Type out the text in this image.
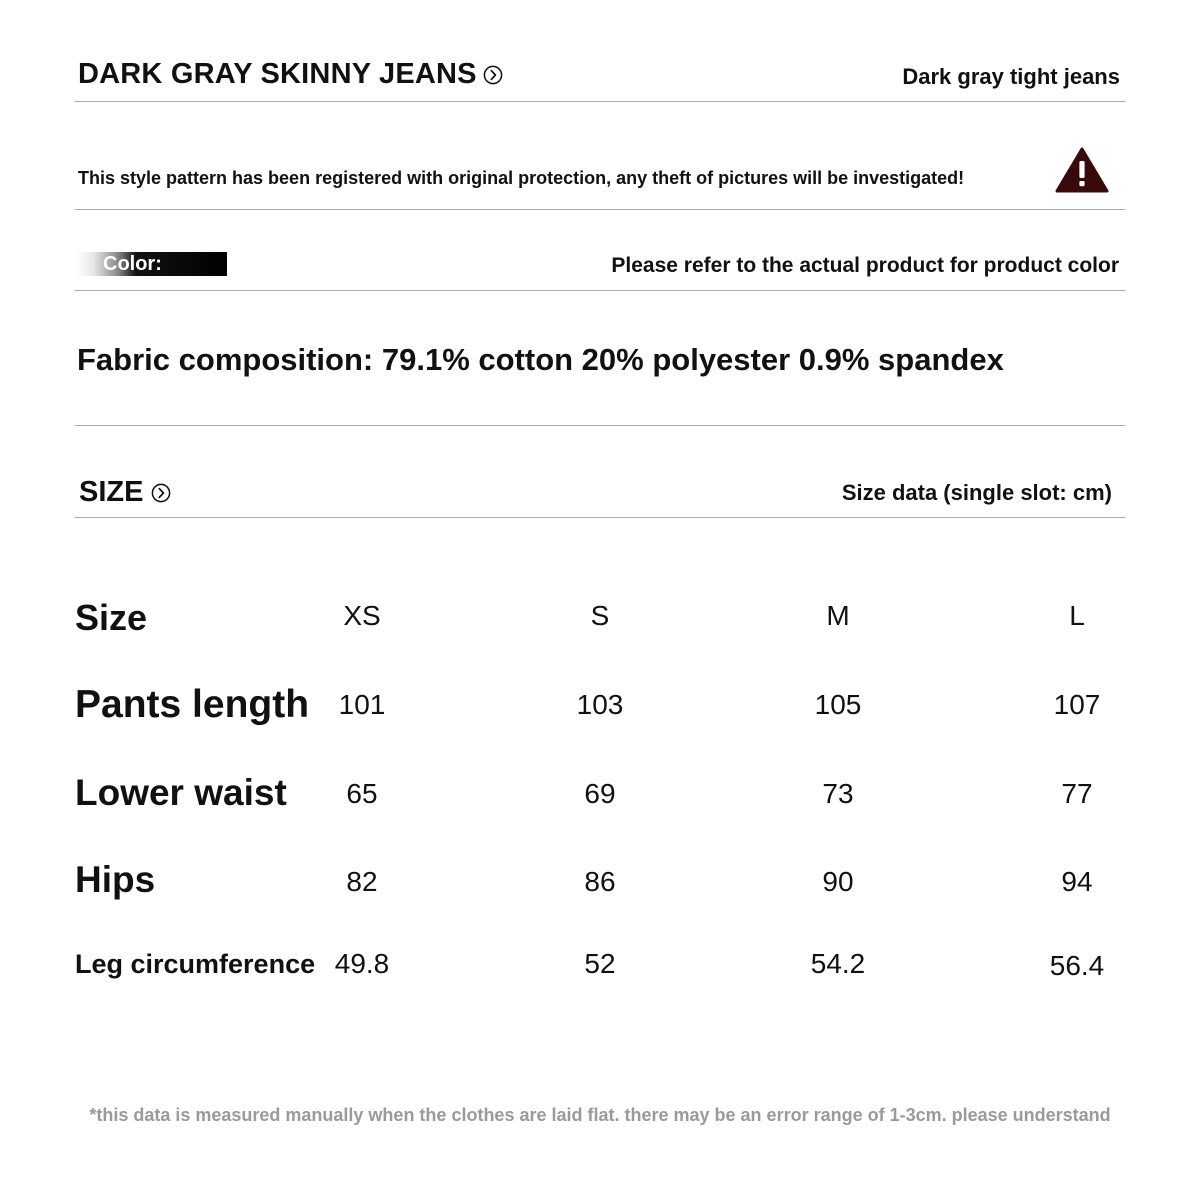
DARK GRAY SKINNY JEANS	Dark gray tight jeans
This style pattern has been registered with original protection, any theft of pictures will be investigated!
Color:	Please refer to the actual product for product color
Fabric composition: 79.1% cotton 20% polyester 0.9% spandex
SIZE	Size data (single slot: cm)
Size	XS	S	M	L
Pants length	101	103	105	107
Lower waist	65	69	73	77
Hips	82	86	90	94
Leg circumference 49.8	52	54.2	56.4
*this data is measured manually when the clothes are laid flat. there may be an error range of 1-3cm. please understand
